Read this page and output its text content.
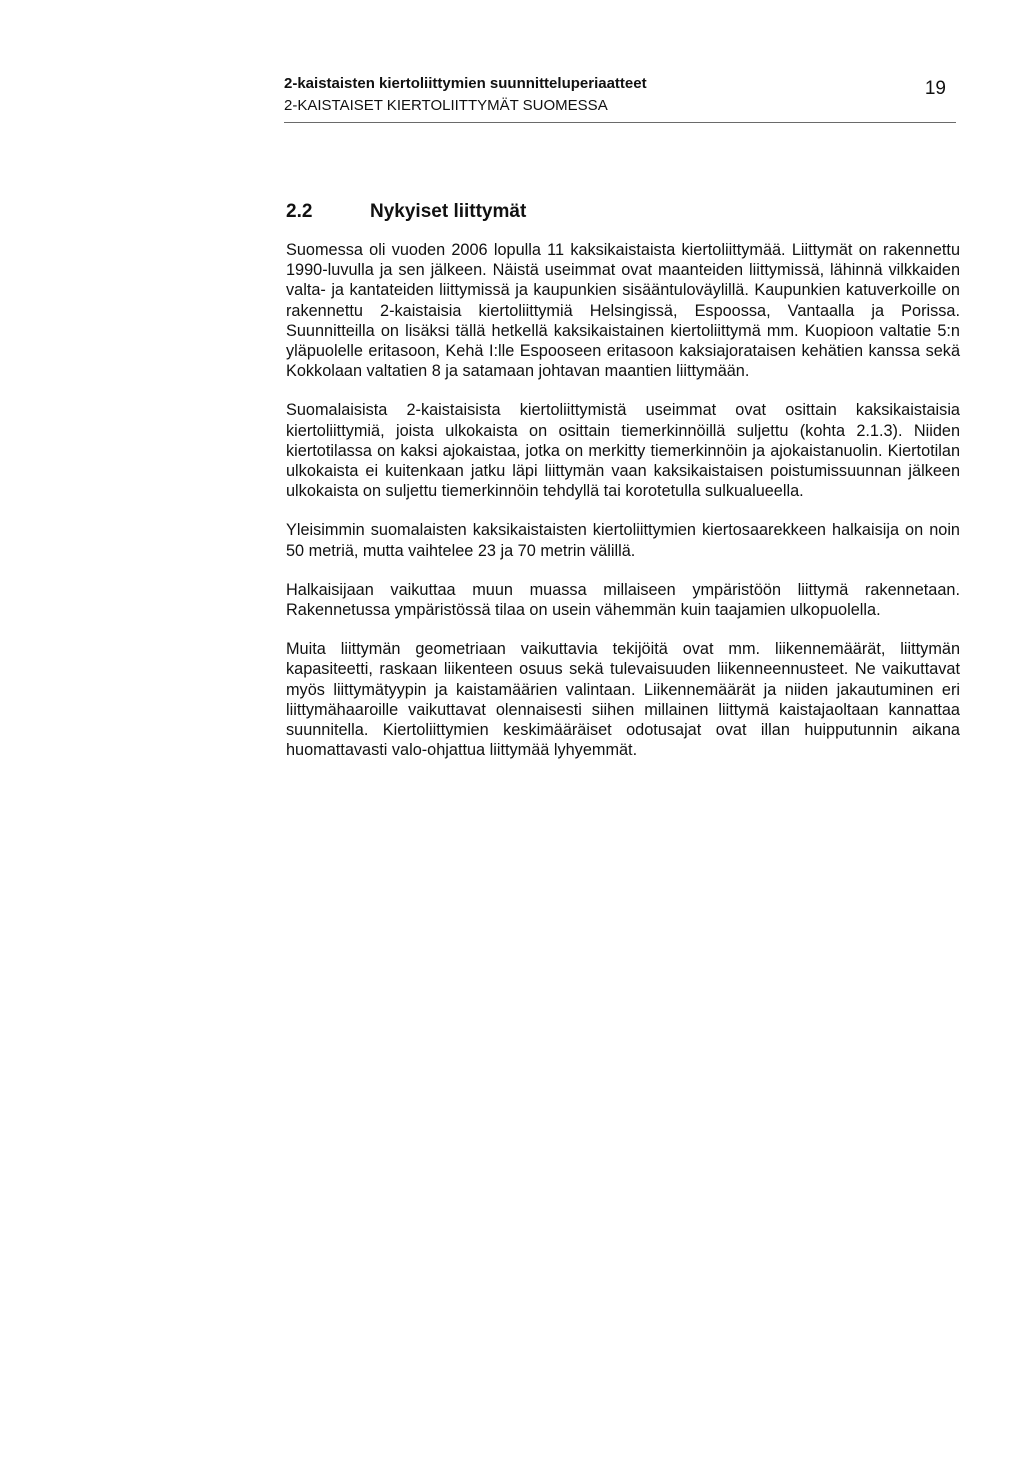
2-kaistaisten kiertoliittymien suunnitteluperiaatteet
2-KAISTAISET KIERTOLIITTYMÄT SUOMESSA
19
2.2	Nykyiset liittymät

Suomessa oli vuoden 2006 lopulla 11 kaksikaistaista kiertoliittymää. Liittymät on rakennettu 1990-luvulla ja sen jälkeen. Näistä useimmat ovat maanteiden liittymissä, lähinnä vilkkaiden valta- ja kantateiden liittymissä ja kaupunkien sisääntuloväylillä. Kaupunkien katuverkoille on rakennettu 2-kaistaisia kiertoliittymiä Helsingissä, Espoossa, Vantaalla ja Porissa. Suunnitteilla on lisäksi tällä hetkellä kaksikaistainen kiertoliittymä mm. Kuopioon valtatie 5:n yläpuolelle eritasoon, Kehä I:lle Espooseen eritasoon kaksiajorataisen kehätien kanssa sekä Kokkolaan valtatien 8 ja satamaan johtavan maantien liittymään.

Suomalaisista 2-kaistaisista kiertoliittymistä useimmat ovat osittain kaksikaistaisia kiertoliittymiä, joista ulkokaista on osittain tiemerkinnöillä suljettu (kohta 2.1.3). Niiden kiertotilassa on kaksi ajokaistaa, jotka on merkitty tiemerkinnöin ja ajokaistanuolin. Kiertotilan ulkokaista ei kuitenkaan jatku läpi liittymän vaan kaksikaistaisen poistumissuunnan jälkeen ulkokaista on suljettu tiemerkinnöin tehdyllä tai korotetulla sulkualueella.

Yleisimmin suomalaisten kaksikaistaisten kiertoliittymien kiertosaarekkeen halkaisija on noin 50 metriä, mutta vaihtelee 23 ja 70 metrin välillä.

Halkaisijaan vaikuttaa muun muassa millaiseen ympäristöön liittymä rakennetaan. Rakennetussa ympäristössä tilaa on usein vähemmän kuin taajamien ulkopuolella.

Muita liittymän geometriaan vaikuttavia tekijöitä ovat mm. liikennemäärät, liittymän kapasiteetti, raskaan liikenteen osuus sekä tulevaisuuden liikenneennusteet. Ne vaikuttavat myös liittymätyypin ja kaistamäärien valintaan. Liikennemäärät ja niiden jakautuminen eri liittymähaaroille vaikuttavat olennaisesti siihen millainen liittymä kaistajaoltaan kannattaa suunnitella. Kiertoliittymien keskimääräiset odotusajat ovat illan huipputunnin aikana huomattavasti valo-ohjattua liittymää lyhyemmät.
